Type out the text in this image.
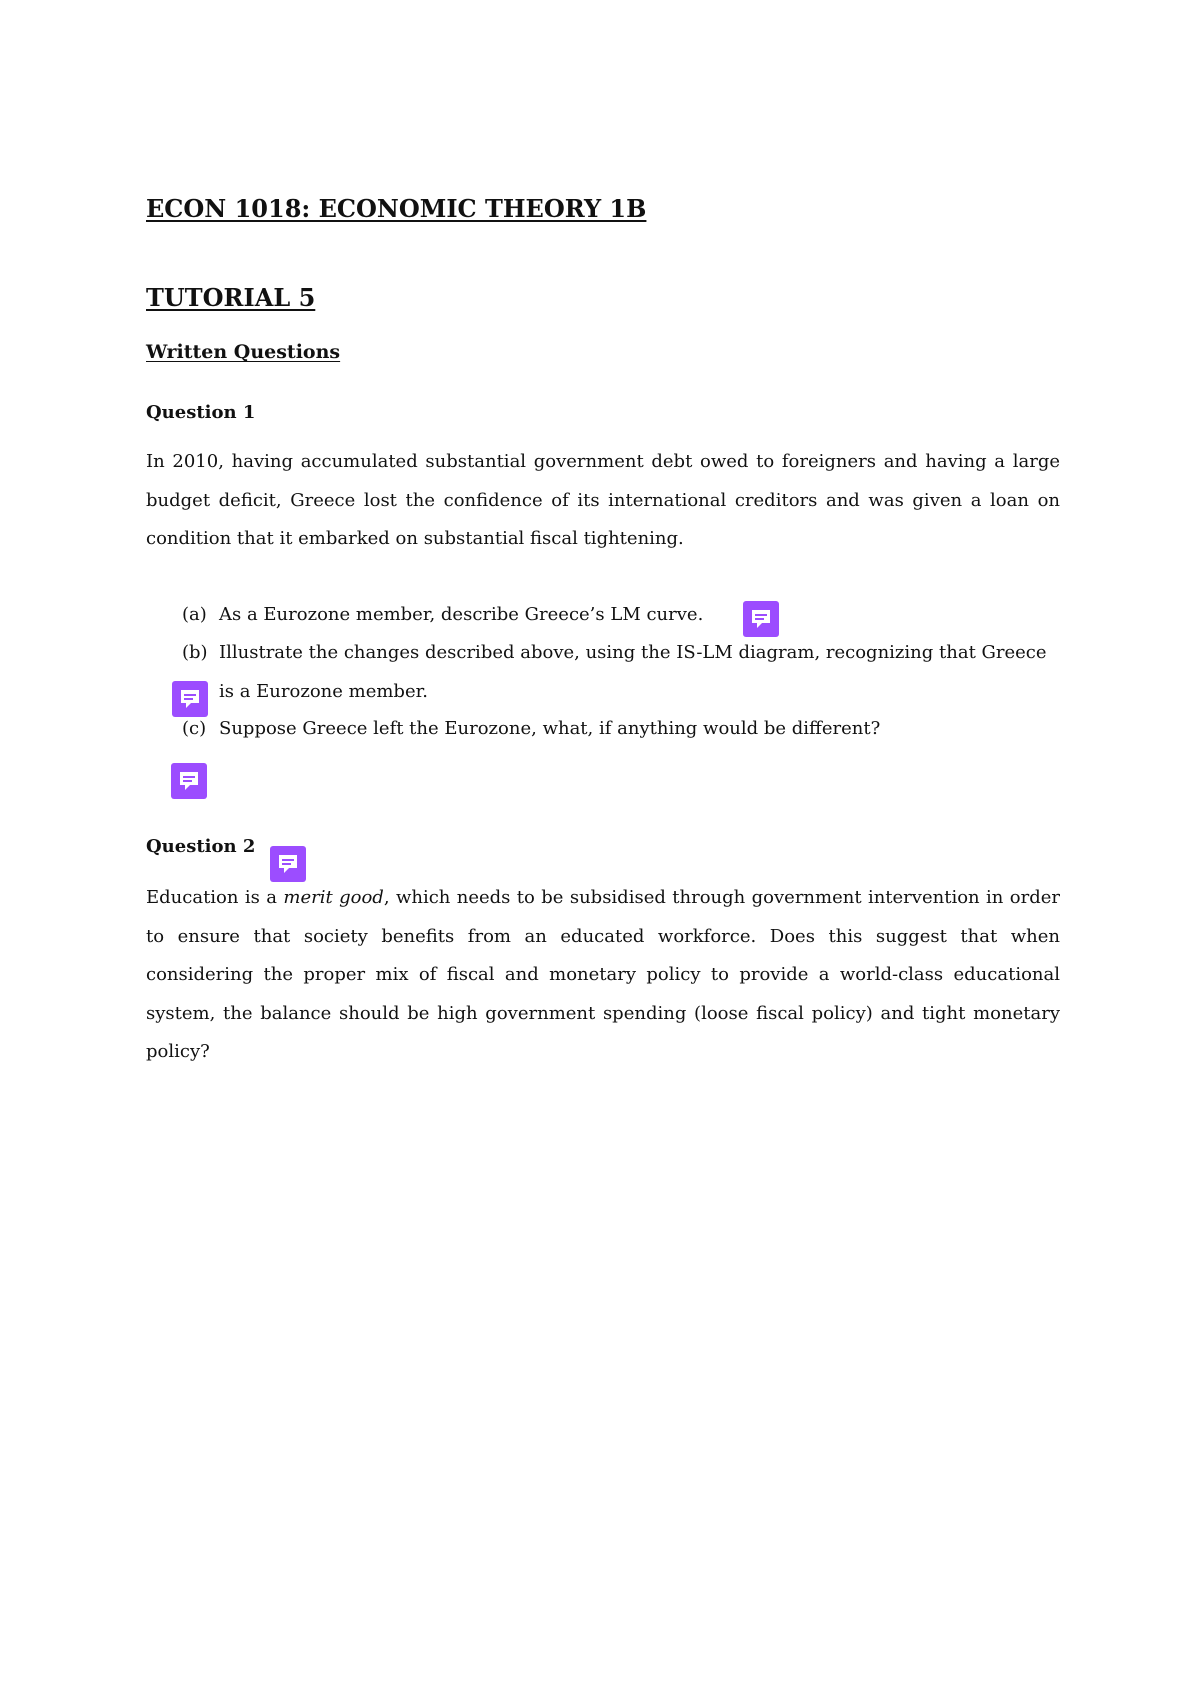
ECON 1018: ECONOMIC THEORY 1B
TUTORIAL 5
Written Questions
Question 1
In 2010, having accumulated substantial government debt owed to foreigners and having a large budget deficit, Greece lost the confidence of its international creditors and was given a loan on condition that it embarked on substantial fiscal tightening.
(a) As a Eurozone member, describe Greece’s LM curve.
(b) Illustrate the changes described above, using the IS-LM diagram, recognizing that Greece is a Eurozone member.
(c) Suppose Greece left the Eurozone, what, if anything would be different?
Question 2
Education is a merit good, which needs to be subsidised through government intervention in order to ensure that society benefits from an educated workforce. Does this suggest that when considering the proper mix of fiscal and monetary policy to provide a world-class educational system, the balance should be high government spending (loose fiscal policy) and tight monetary policy?
